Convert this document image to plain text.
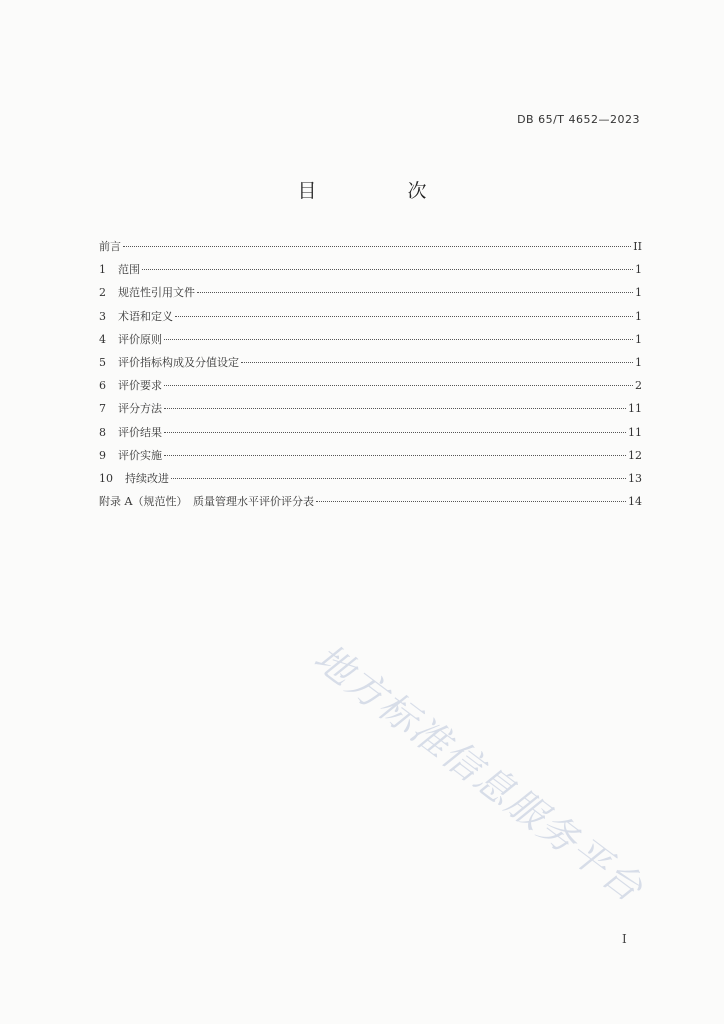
DB 65/T 4652—2023
目　次
前言	II
1	范围	1
2	规范性引用文件	1
3	术语和定义	1
4	评价原则	1
5	评价指标构成及分值设定	1
6	评价要求	2
7	评分方法	11
8	评价结果	11
9	评价实施	12
10	持续改进	13
附录 A（规范性）　质量管理水平评价评分表	14
地方标准信息服务平台
I
